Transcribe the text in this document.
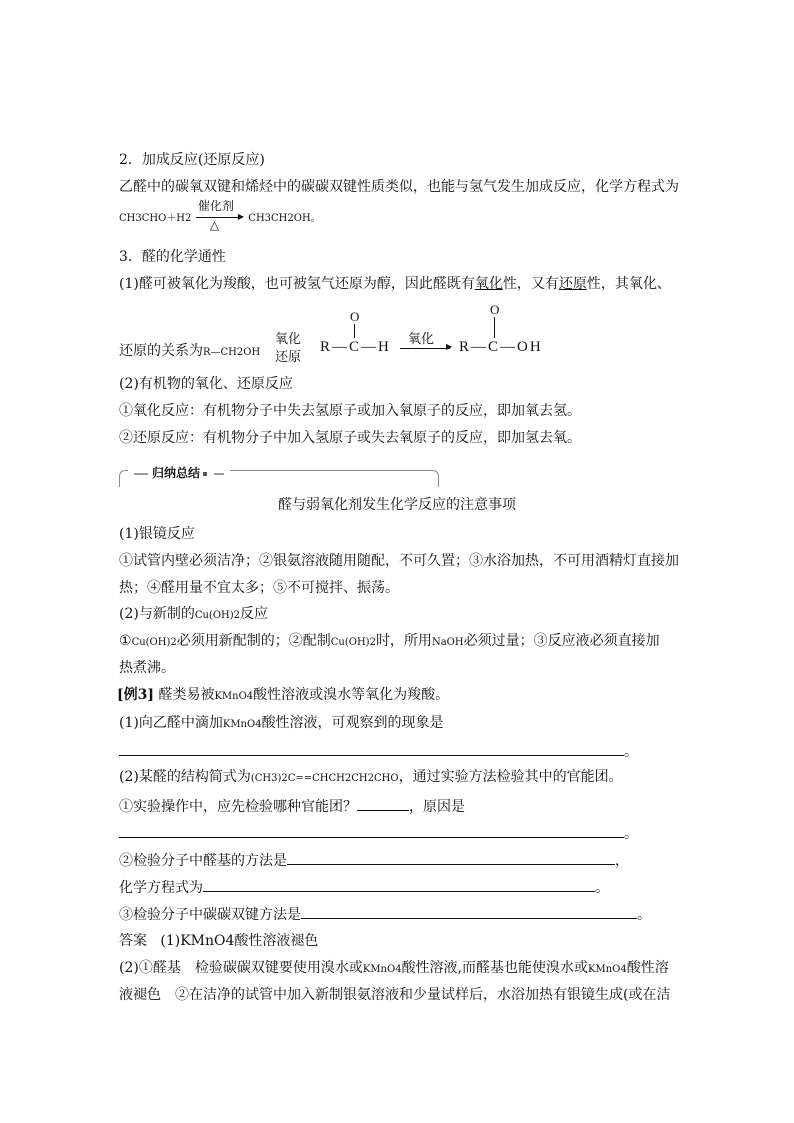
2．加成反应(还原反应)
乙醛中的碳氧双键和烯烃中的碳碳双键性质类似，也能与氢气发生加成反应，化学方程式为
CH3CHO＋H2
催化剂
▶
△	CH3CH2OH。
3．醛的化学通性
(1)醛可被氧化为羧酸，也可被氢气还原为醇，因此醛既有氧化性，又有还原性，其氧化、
还原的关系为R—CH2OH
氧化
还原
O
R—C—H 氧化 ▶
O
R—C—OH
(2)有机物的氧化、还原反应
①氧化反应：有机物分子中失去氢原子或加入氧原子的反应，即加氧去氢。
②还原反应：有机物分子中加入氢原子或失去氧原子的反应，即加氢去氧。
归纳总结
醛与弱氧化剂发生化学反应的注意事项
(1)银镜反应
①试管内壁必须洁净；②银氨溶液随用随配，不可久置；③水浴加热，不可用酒精灯直接加
热；④醛用量不宜太多；⑤不可搅拌、振荡。
(2)与新制的Cu(OH)2反应
①Cu(OH)2必须用新配制的；②配制Cu(OH)2时，所用NaOH必须过量；③反应液必须直接加
热煮沸。
[例3] 醛类易被KMnO4酸性溶液或溴水等氧化为羧酸。
(1)向乙醛中滴加KMnO4酸性溶液，可观察到的现象是
。
(2)某醛的结构简式为(CH3)2C==CHCH2CH2CHO，通过实验方法检验其中的官能团。
①实验操作中，应先检验哪种官能团？	，原因是
。
②检验分子中醛基的方法是	，
化学方程式为	。
③检验分子中碳碳双键方法是	。
答案 (1)KMnO4酸性溶液褪色
(2)①醛基　检验碳碳双键要使用溴水或KMnO4酸性溶液,而醛基也能使溴水或KMnO4酸性溶
液褪色　②在洁净的试管中加入新制银氨溶液和少量试样后，水浴加热有银镜生成(或在洁
